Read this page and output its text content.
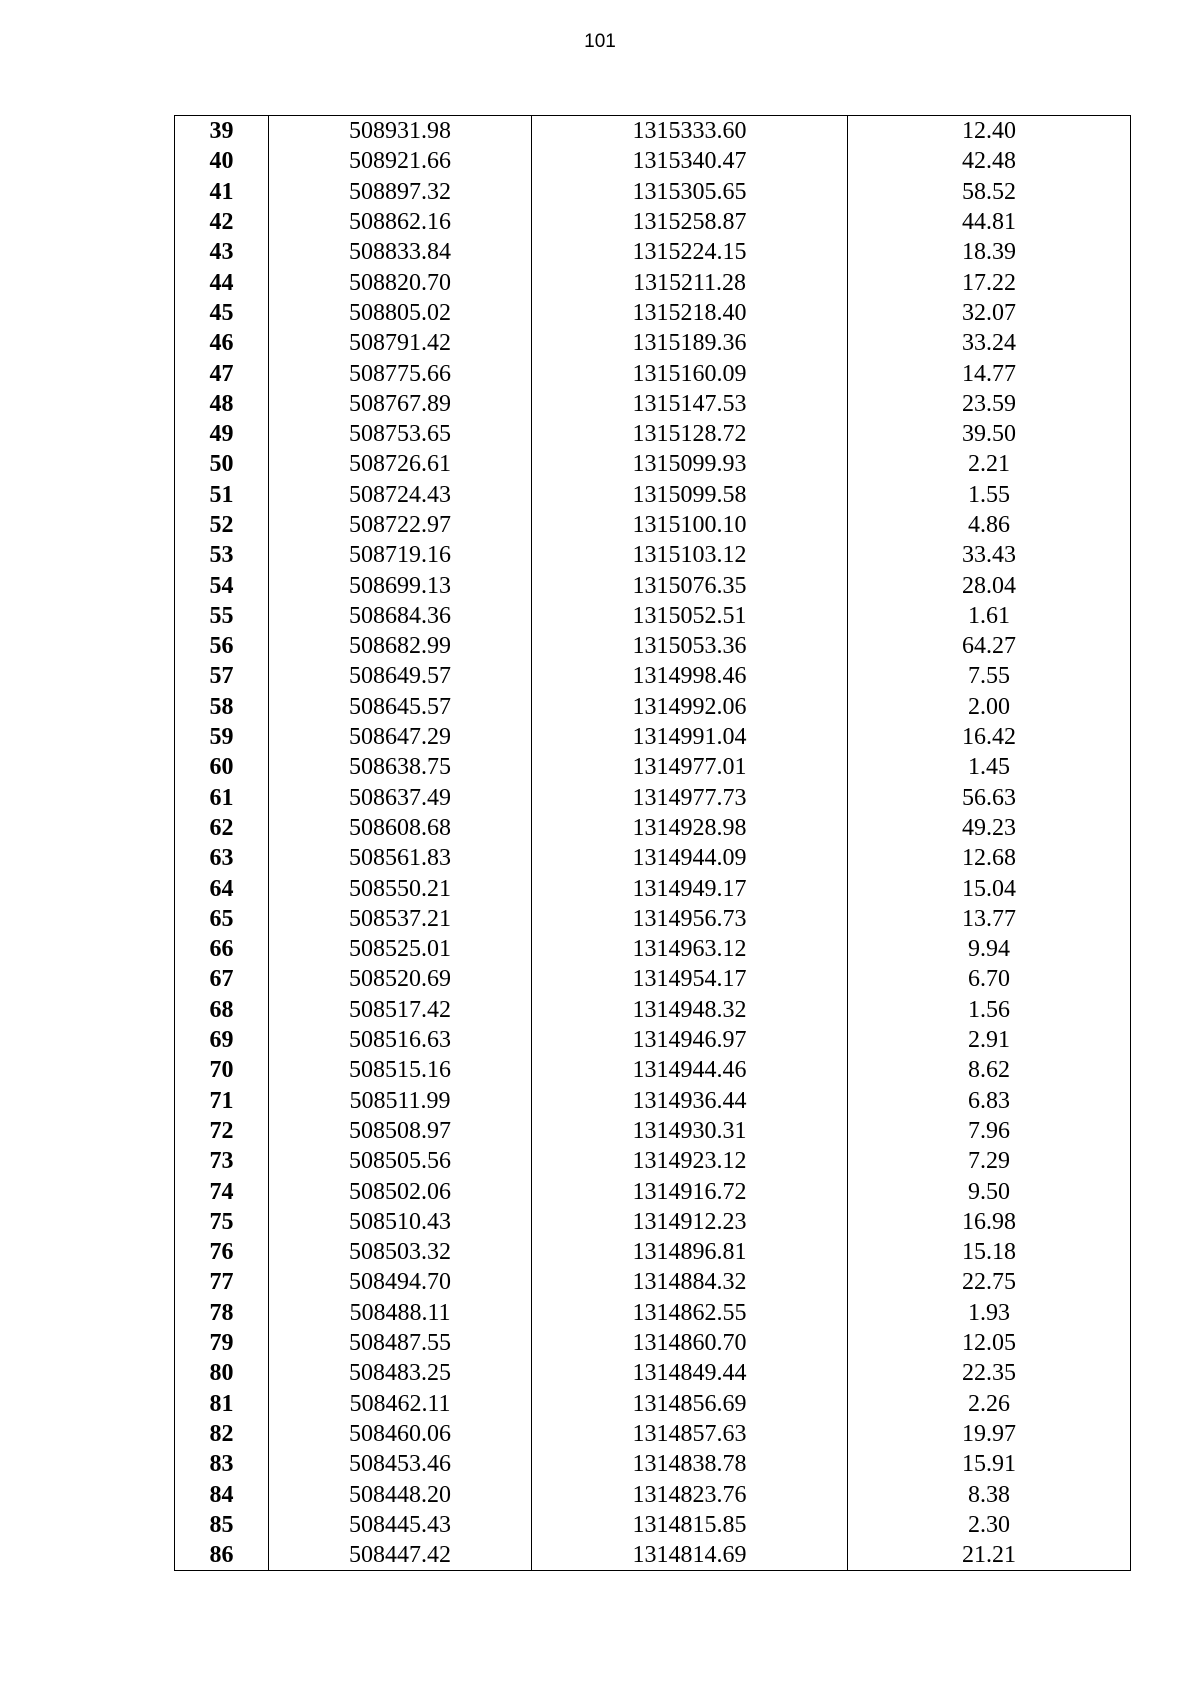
101
39	508931.98	1315333.60	12.40
40	508921.66	1315340.47	42.48
41	508897.32	1315305.65	58.52
42	508862.16	1315258.87	44.81
43	508833.84	1315224.15	18.39
44	508820.70	1315211.28	17.22
45	508805.02	1315218.40	32.07
46	508791.42	1315189.36	33.24
47	508775.66	1315160.09	14.77
48	508767.89	1315147.53	23.59
49	508753.65	1315128.72	39.50
50	508726.61	1315099.93	2.21
51	508724.43	1315099.58	1.55
52	508722.97	1315100.10	4.86
53	508719.16	1315103.12	33.43
54	508699.13	1315076.35	28.04
55	508684.36	1315052.51	1.61
56	508682.99	1315053.36	64.27
57	508649.57	1314998.46	7.55
58	508645.57	1314992.06	2.00
59	508647.29	1314991.04	16.42
60	508638.75	1314977.01	1.45
61	508637.49	1314977.73	56.63
62	508608.68	1314928.98	49.23
63	508561.83	1314944.09	12.68
64	508550.21	1314949.17	15.04
65	508537.21	1314956.73	13.77
66	508525.01	1314963.12	9.94
67	508520.69	1314954.17	6.70
68	508517.42	1314948.32	1.56
69	508516.63	1314946.97	2.91
70	508515.16	1314944.46	8.62
71	508511.99	1314936.44	6.83
72	508508.97	1314930.31	7.96
73	508505.56	1314923.12	7.29
74	508502.06	1314916.72	9.50
75	508510.43	1314912.23	16.98
76	508503.32	1314896.81	15.18
77	508494.70	1314884.32	22.75
78	508488.11	1314862.55	1.93
79	508487.55	1314860.70	12.05
80	508483.25	1314849.44	22.35
81	508462.11	1314856.69	2.26
82	508460.06	1314857.63	19.97
83	508453.46	1314838.78	15.91
84	508448.20	1314823.76	8.38
85	508445.43	1314815.85	2.30
86	508447.42	1314814.69	21.21
